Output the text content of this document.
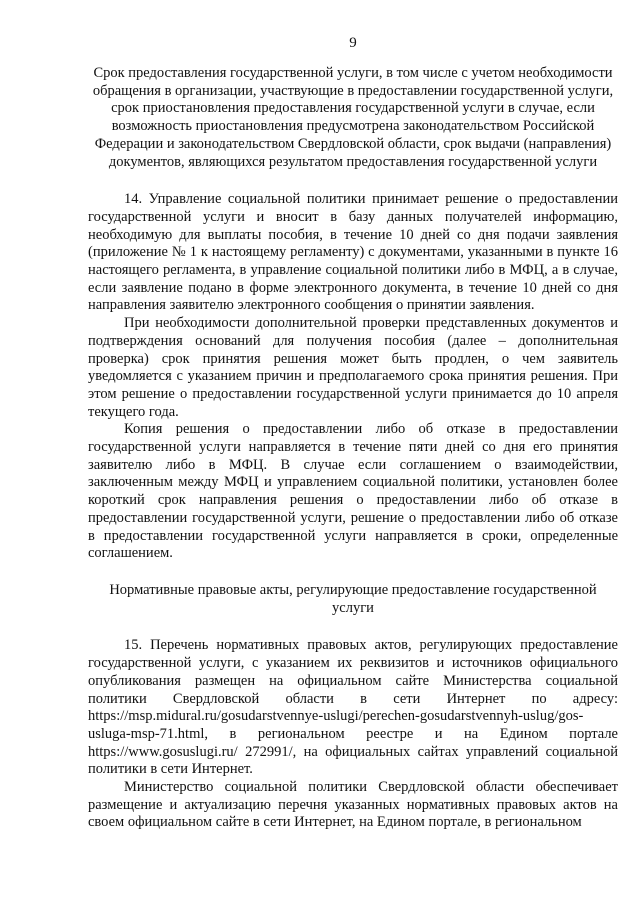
9
Срок предоставления государственной услуги, в том числе с учетом необходимости обращения в организации, участвующие в предоставлении государственной услуги, срок приостановления предоставления государственной услуги в случае, если возможность приостановления предусмотрена законодательством Российской Федерации и законодательством Свердловской области, срок выдачи (направления) документов, являющихся результатом предоставления государственной услуги

14. Управление социальной политики принимает решение о предоставлении государственной услуги и вносит в базу данных получателей информацию, необходимую для выплаты пособия, в течение 10 дней со дня подачи заявления (приложение № 1 к настоящему регламенту) с документами, указанными в пункте 16 настоящего регламента, в управление социальной политики либо в МФЦ, а в случае, если заявление подано в форме электронного документа, в течение 10 дней со дня направления заявителю электронного сообщения о принятии заявления.

При необходимости дополнительной проверки представленных документов и подтверждения оснований для получения пособия (далее – дополнительная проверка) срок принятия решения может быть продлен, о чем заявитель уведомляется с указанием причин и предполагаемого срока принятия решения. При этом решение о предоставлении государственной услуги принимается до 10 апреля текущего года.

Копия решения о предоставлении либо об отказе в предоставлении государственной услуги направляется в течение пяти дней со дня его принятия заявителю либо в МФЦ. В случае если соглашением о взаимодействии, заключенным между МФЦ и управлением социальной политики, установлен более короткий срок направления решения о предоставлении либо об отказе в предоставлении государственной услуги, решение о предоставлении либо об отказе в предоставлении государственной услуги направляется в сроки, определенные соглашением.

Нормативные правовые акты, регулирующие предоставление государственной услуги

15. Перечень нормативных правовых актов, регулирующих предоставление государственной услуги, с указанием их реквизитов и источников официального опубликования размещен на официальном сайте Министерства социальной политики Свердловской области в сети Интернет по адресу: https://msp.midural.ru/gosudarstvennye-uslugi/perechen-gosudarstvennyh-uslug/gos-usluga-msp-71.html, в региональном реестре и на Едином портале https://www.gosuslugi.ru/ 272991/, на официальных сайтах управлений социальной политики в сети Интернет.

Министерство социальной политики Свердловской области обеспечивает размещение и актуализацию перечня указанных нормативных правовых актов на своем официальном сайте в сети Интернет, на Едином портале, в региональном
